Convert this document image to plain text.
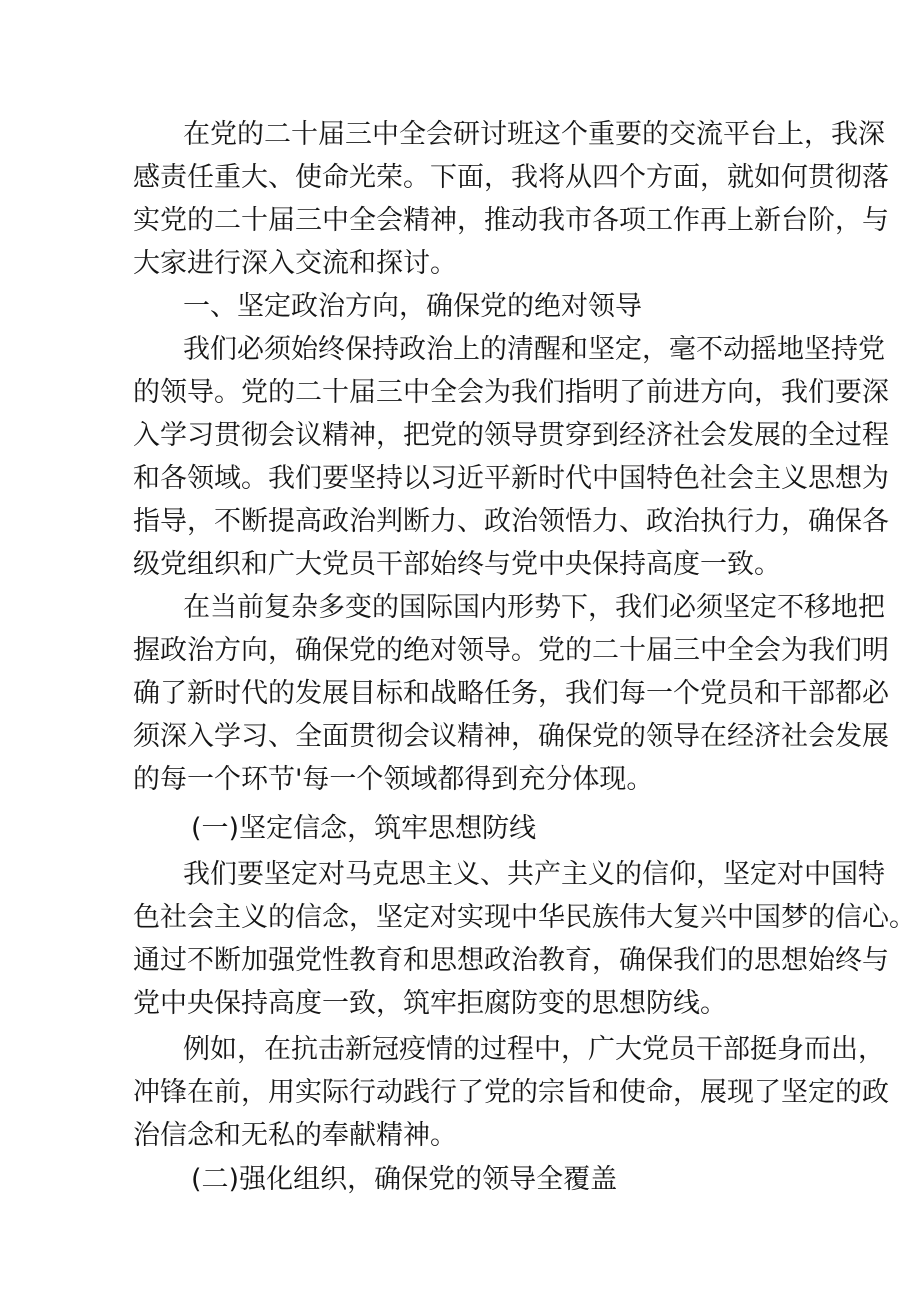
在党的二十届三中全会研讨班这个重要的交流平台上，我深
感责任重大、使命光荣。下面，我将从四个方面，就如何贯彻落
实党的二十届三中全会精神，推动我市各项工作再上新台阶，与
大家进行深入交流和探讨。
一、坚定政治方向，确保党的绝对领导
我们必须始终保持政治上的清醒和坚定，毫不动摇地坚持党
的领导。党的二十届三中全会为我们指明了前进方向，我们要深
入学习贯彻会议精神，把党的领导贯穿到经济社会发展的全过程
和各领域。我们要坚持以习近平新时代中国特色社会主义思想为
指导，不断提高政治判断力、政治领悟力、政治执行力，确保各
级党组织和广大党员干部始终与党中央保持高度一致。
在当前复杂多变的国际国内形势下，我们必须坚定不移地把
握政治方向，确保党的绝对领导。党的二十届三中全会为我们明
确了新时代的发展目标和战略任务，我们每一个党员和干部都必
须深入学习、全面贯彻会议精神，确保党的领导在经济社会发展
的每一个环节'每一个领域都得到充分体现。
(一)坚定信念，筑牢思想防线
我们要坚定对马克思主义、共产主义的信仰，坚定对中国特
色社会主义的信念，坚定对实现中华民族伟大复兴中国梦的信心。
通过不断加强党性教育和思想政治教育，确保我们的思想始终与
党中央保持高度一致，筑牢拒腐防变的思想防线。
例如，在抗击新冠疫情的过程中，广大党员干部挺身而出，
冲锋在前，用实际行动践行了党的宗旨和使命，展现了坚定的政
治信念和无私的奉献精神。
(二)强化组织，确保党的领导全覆盖
